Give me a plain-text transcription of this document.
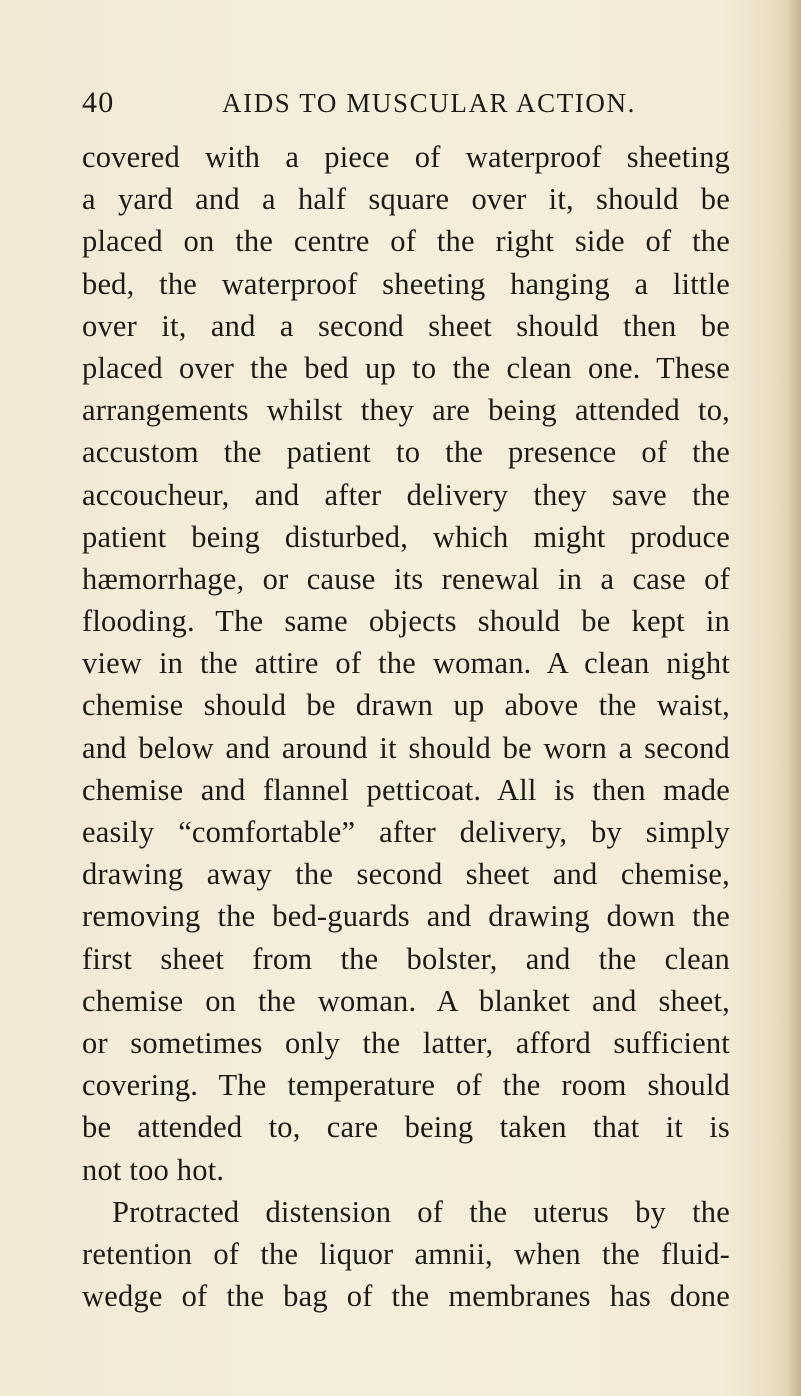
40	AIDS TO MUSCULAR ACTION.
covered with a piece of waterproof sheeting
a yard and a half square over it, should be
placed on the centre of the right side of the
bed, the waterproof sheeting hanging a little
over it, and a second sheet should then be
placed over the bed up to the clean one. These
arrangements whilst they are being attended to,
accustom the patient to the presence of the
accoucheur, and after delivery they save the
patient being disturbed, which might produce
hæmorrhage, or cause its renewal in a case of
flooding. The same objects should be kept in
view in the attire of the woman. A clean night
chemise should be drawn up above the waist,
and below and around it should be worn a second
chemise and flannel petticoat. All is then made
easily “comfortable” after delivery, by simply
drawing away the second sheet and chemise,
removing the bed-guards and drawing down the
first sheet from the bolster, and the clean
chemise on the woman. A blanket and sheet,
or sometimes only the latter, afford sufficient
covering. The temperature of the room should
be attended to, care being taken that it is
not too hot.
Protracted distension of the uterus by the
retention of the liquor amnii, when the fluid-
wedge of the bag of the membranes has done
